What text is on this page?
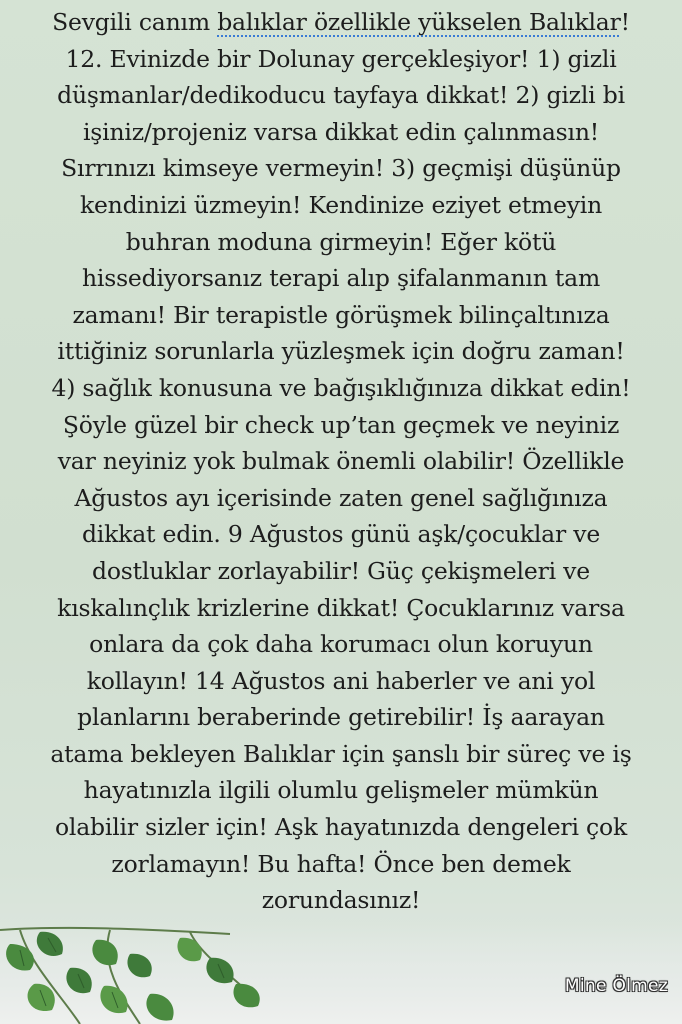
Sevgili canım balıklar özellikle yükselen Balıklar!
12. Evinizde bir Dolunay gerçekleşiyor! 1) gizli
düşmanlar/dedikoducu tayfaya dikkat! 2) gizli bi
işiniz/projeniz varsa dikkat edin çalınmasın!
Sırrınızı kimseye vermeyin! 3) geçmişi düşünüp
kendinizi üzmeyin! Kendinize eziyet etmeyin
buhran moduna girmeyin! Eğer kötü
hissediyorsanız terapi alıp şifalanmanın tam
zamanı! Bir terapistle görüşmek bilinçaltınıza
ittiğiniz sorunlarla yüzleşmek için doğru zaman!
4) sağlık konusuna ve bağışıklığınıza dikkat edin!
Şöyle güzel bir check up’tan geçmek ve neyiniz
var neyiniz yok bulmak önemli olabilir! Özellikle
Ağustos ayı içerisinde zaten genel sağlığınıza
dikkat edin. 9 Ağustos günü aşk/çocuklar ve
dostluklar zorlayabilir! Güç çekişmeleri ve
kıskalınçlık krizlerine dikkat! Çocuklarınız varsa
onlara da çok daha korumacı olun koruyun
kollayın! 14 Ağustos ani haberler ve ani yol
planlarını beraberinde getirebilir! İş aarayan
atama bekleyen Balıklar için şanslı bir süreç ve iş
hayatınızla ilgili olumlu gelişmeler mümkün
olabilir sizler için! Aşk hayatınızda dengeleri çok
zorlamayın! Bu hafta! Önce ben demek
zorundasınız!
Mine Ölmez
